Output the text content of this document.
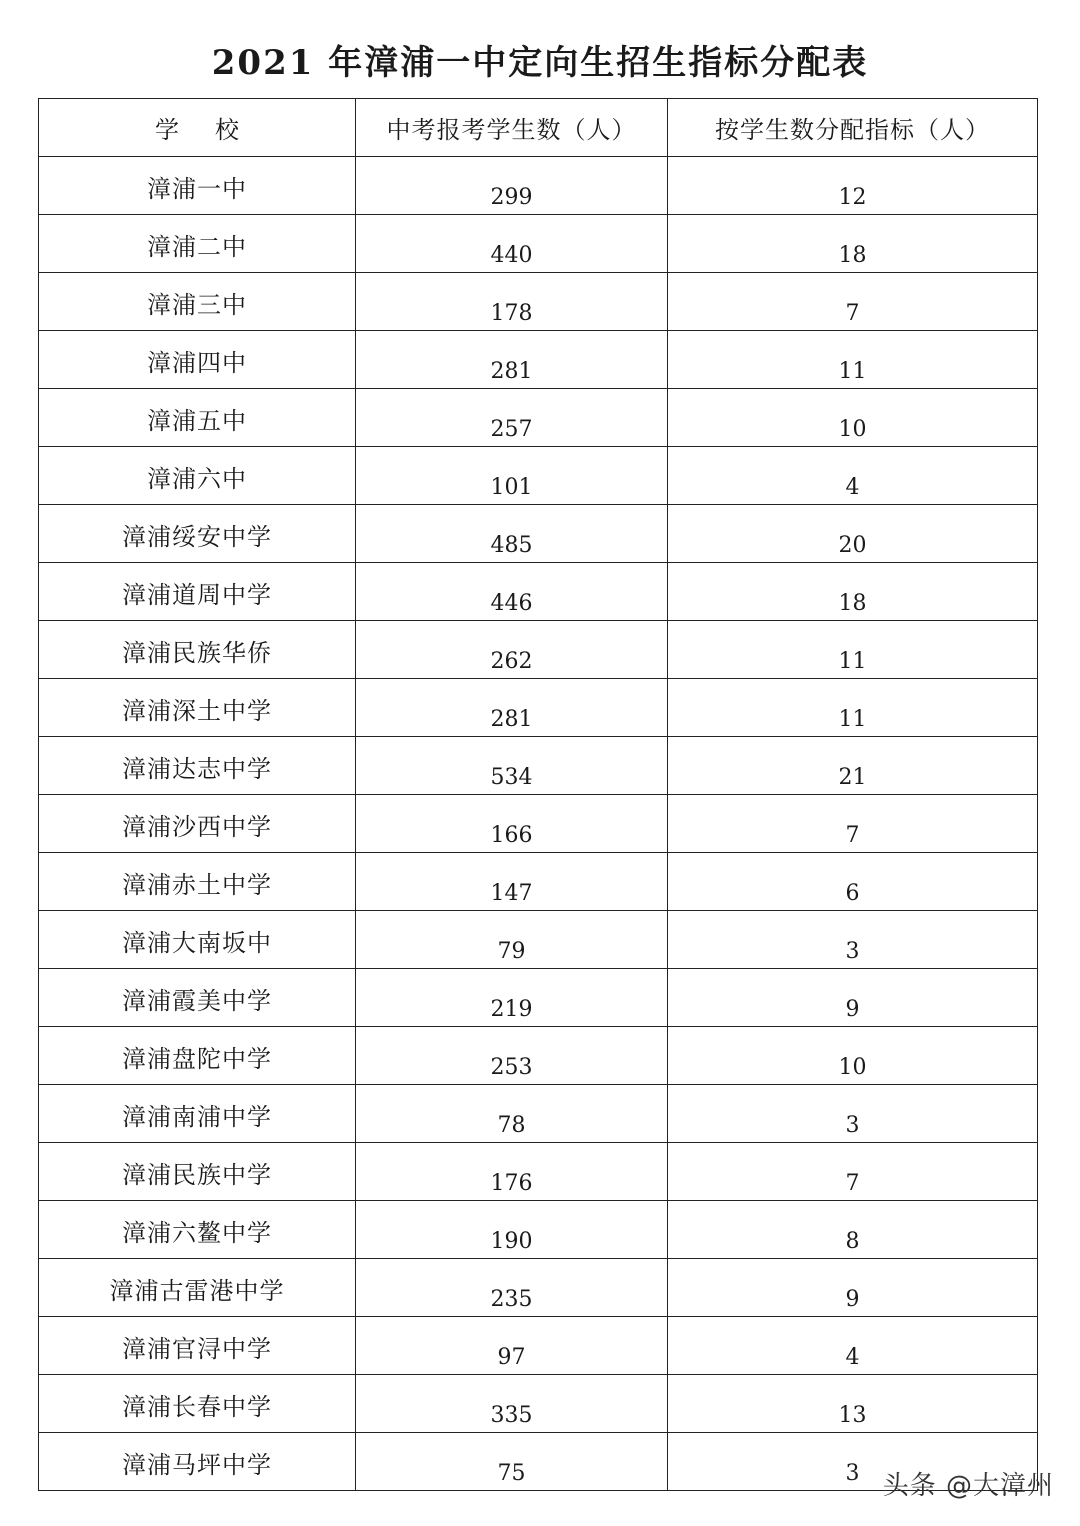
2021 年漳浦一中定向生招生指标分配表
学校	中考报考学生数（人）	按学生数分配指标（人）
漳浦一中	299	12
漳浦二中	440	18
漳浦三中	178	7
漳浦四中	281	11
漳浦五中	257	10
漳浦六中	101	4
漳浦绥安中学	485	20
漳浦道周中学	446	18
漳浦民族华侨	262	11
漳浦深土中学	281	11
漳浦达志中学	534	21
漳浦沙西中学	166	7
漳浦赤土中学	147	6
漳浦大南坂中	79	3
漳浦霞美中学	219	9
漳浦盘陀中学	253	10
漳浦南浦中学	78	3
漳浦民族中学	176	7
漳浦六鳌中学	190	8
漳浦古雷港中学	235	9
漳浦官浔中学	97	4
漳浦长春中学	335	13
漳浦马坪中学	75	3 头条 @大漳州
